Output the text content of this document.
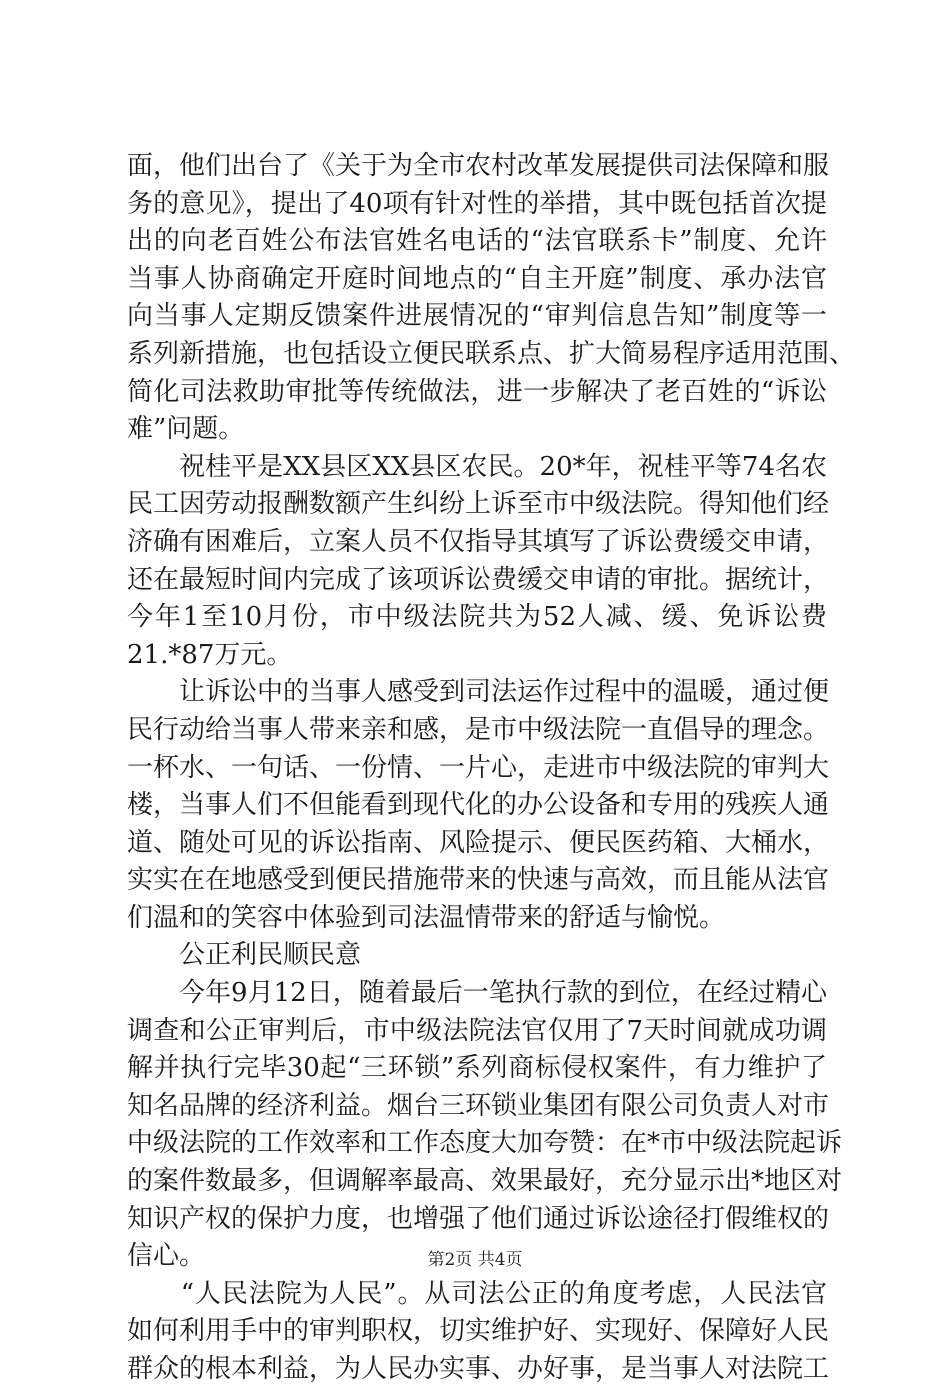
面，他们出台了《关于为全市农村改革发展提供司法保障和服
务的意见》，提出了40项有针对性的举措，其中既包括首次提
出的向老百姓公布法官姓名电话的“法官联系卡”制度、允许
当事人协商确定开庭时间地点的“自主开庭”制度、承办法官
向当事人定期反馈案件进展情况的“审判信息告知”制度等一
系列新措施，也包括设立便民联系点、扩大简易程序适用范围、
简化司法救助审批等传统做法，进一步解决了老百姓的“诉讼
难”问题。
　　祝桂平是XX县区XX县区农民。20*年，祝桂平等74名农
民工因劳动报酬数额产生纠纷上诉至市中级法院。得知他们经
济确有困难后，立案人员不仅指导其填写了诉讼费缓交申请，
还在最短时间内完成了该项诉讼费缓交申请的审批。据统计，
今年1至10月份，市中级法院共为52人减、缓、免诉讼费
21.*87万元。
　　让诉讼中的当事人感受到司法运作过程中的温暖，通过便
民行动给当事人带来亲和感，是市中级法院一直倡导的理念。
一杯水、一句话、一份情、一片心，走进市中级法院的审判大
楼，当事人们不但能看到现代化的办公设备和专用的残疾人通
道、随处可见的诉讼指南、风险提示、便民医药箱、大桶水，
实实在在地感受到便民措施带来的快速与高效，而且能从法官
们温和的笑容中体验到司法温情带来的舒适与愉悦。
　　公正利民顺民意
　　今年9月12日，随着最后一笔执行款的到位，在经过精心
调查和公正审判后，市中级法院法官仅用了7天时间就成功调
解并执行完毕30起“三环锁”系列商标侵权案件，有力维护了
知名品牌的经济利益。烟台三环锁业集团有限公司负责人对市
中级法院的工作效率和工作态度大加夸赞：在*市中级法院起诉
的案件数最多，但调解率最高、效果最好，充分显示出*地区对
知识产权的保护力度，也增强了他们通过诉讼途径打假维权的
信心。
　　“人民法院为人民”。从司法公正的角度考虑，人民法官
如何利用手中的审判职权，切实维护好、实现好、保障好人民
群众的根本利益，为人民办实事、办好事，是当事人对法院工
第2页 共4页
